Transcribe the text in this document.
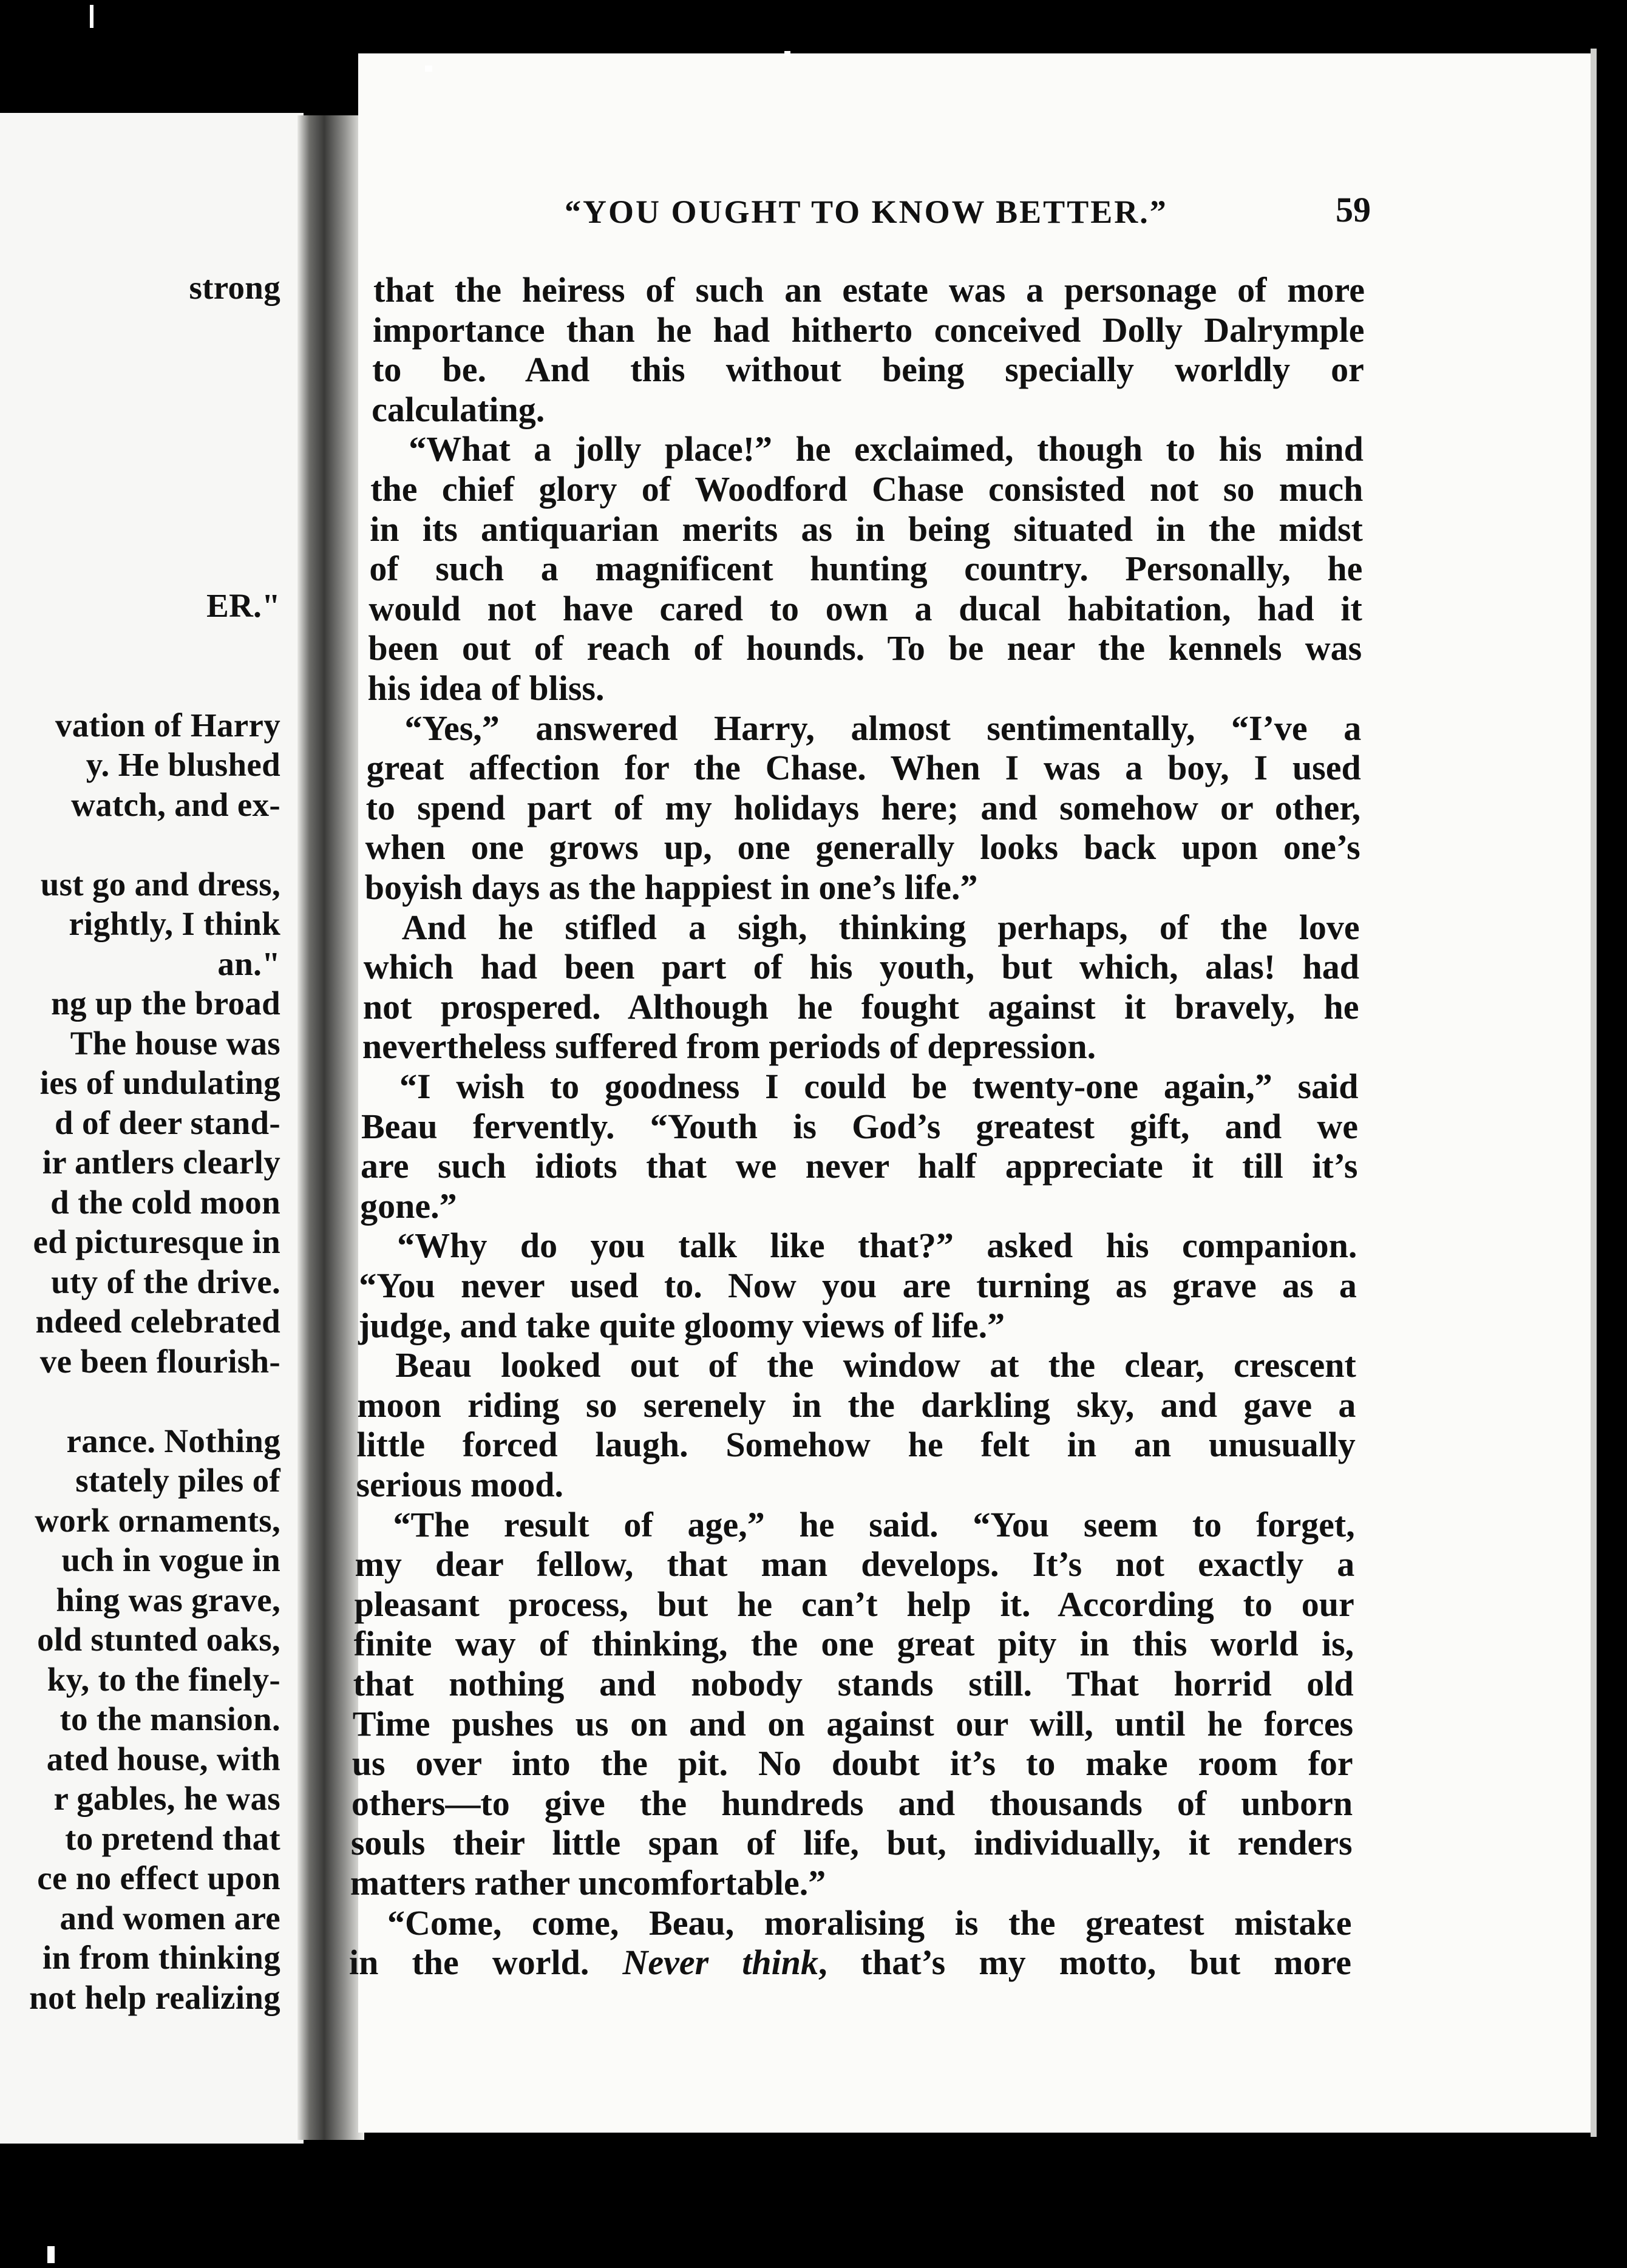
strong
ER."
vation of Harry
y. He blushed
watch, and ex-
ust go and dress,
rightly, I think
an."
ng up the broad
The house was
ies of undulating
d of deer stand-
ir antlers clearly
d the cold moon
ed picturesque in
uty of the drive.
ndeed celebrated
ve been flourish-
rance. Nothing
stately piles of
work ornaments,
uch in vogue in
hing was grave,
old stunted oaks,
ky, to the finely-
to the mansion.
ated house, with
r gables, he was
to pretend that
ce no effect upon
and women are
in from thinking
not help realizing
“YOU OUGHT TO KNOW BETTER.”	59
that the heiress of such an estate was a personage of more
importance than he had hitherto conceived Dolly Dalrymple
to be. And this without being specially worldly or
calculating.
“What a jolly place!” he exclaimed, though to his mind
the chief glory of Woodford Chase consisted not so much
in its antiquarian merits as in being situated in the midst
of such a magnificent hunting country. Personally, he
would not have cared to own a ducal habitation, had it
been out of reach of hounds. To be near the kennels was
his idea of bliss.
“Yes,” answered Harry, almost sentimentally, “I’ve a
great affection for the Chase. When I was a boy, I used
to spend part of my holidays here; and somehow or other,
when one grows up, one generally looks back upon one’s
boyish days as the happiest in one’s life.”
And he stifled a sigh, thinking perhaps, of the love
which had been part of his youth, but which, alas! had
not prospered. Although he fought against it bravely, he
nevertheless suffered from periods of depression.
“I wish to goodness I could be twenty-one again,” said
Beau fervently. “Youth is God’s greatest gift, and we
are such idiots that we never half appreciate it till it’s
gone.”
“Why do you talk like that?” asked his companion.
“You never used to. Now you are turning as grave as a
judge, and take quite gloomy views of life.”
Beau looked out of the window at the clear, crescent
moon riding so serenely in the darkling sky, and gave a
little forced laugh. Somehow he felt in an unusually
serious mood.
“The result of age,” he said. “You seem to forget,
my dear fellow, that man develops. It’s not exactly a
pleasant process, but he can’t help it. According to our
finite way of thinking, the one great pity in this world is,
that nothing and nobody stands still. That horrid old
Time pushes us on and on against our will, until he forces
us over into the pit. No doubt it’s to make room for
others—to give the hundreds and thousands of unborn
souls their little span of life, but, individually, it renders
matters rather uncomfortable.”
“Come, come, Beau, moralising is the greatest mistake
in the world. Never think, that’s my motto, but more
